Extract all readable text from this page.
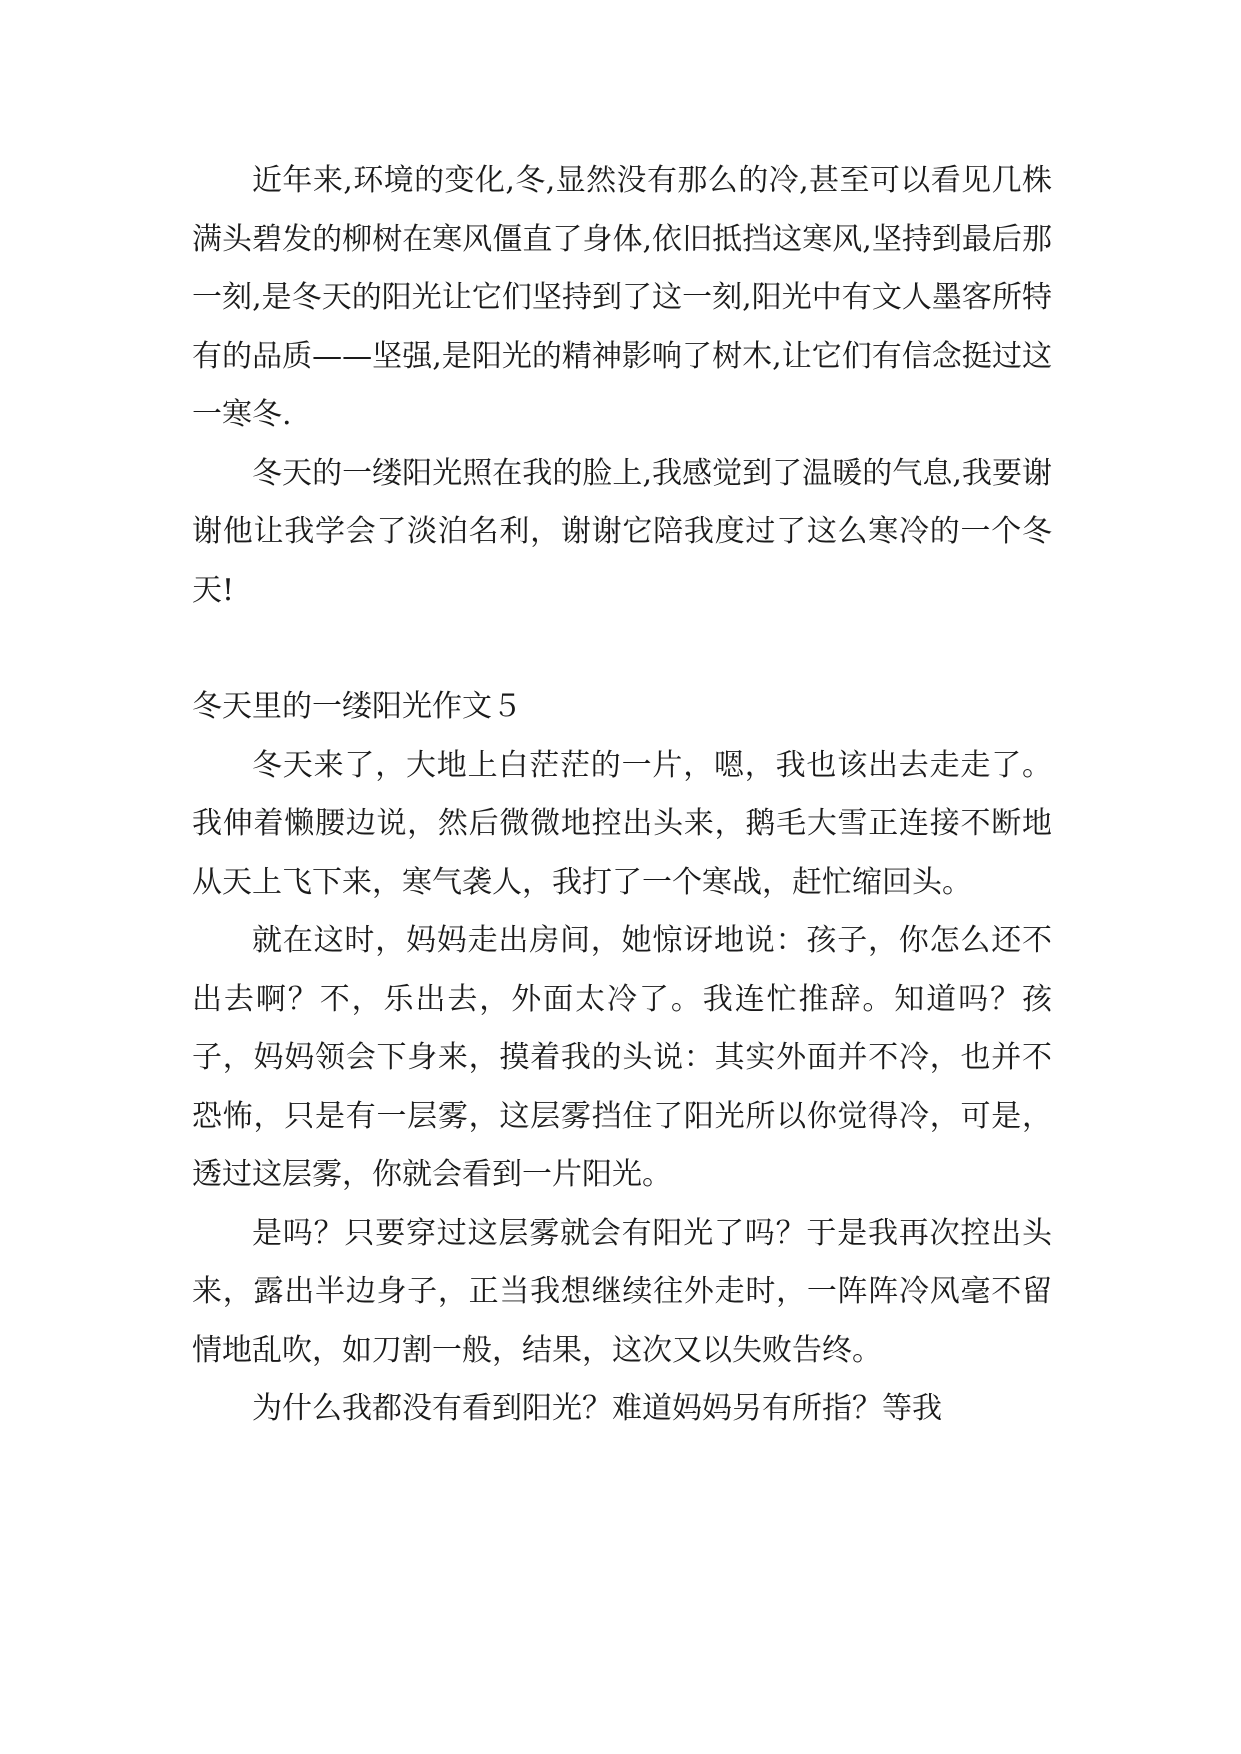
近年来,环境的变化,冬,显然没有那么的冷,甚至可以看见几株满头碧发的柳树在寒风僵直了身体,依旧抵挡这寒风,坚持到最后那一刻,是冬天的阳光让它们坚持到了这一刻,阳光中有文人墨客所特有的品质——坚强,是阳光的精神影响了树木,让它们有信念挺过这一寒冬.

冬天的一缕阳光照在我的脸上,我感觉到了温暖的气息,我要谢谢他让我学会了淡泊名利，谢谢它陪我度过了这么寒冷的一个冬天!

冬天里的一缕阳光作文５

冬天来了，大地上白茫茫的一片，嗯，我也该出去走走了。我伸着懒腰边说，然后微微地控出头来，鹅毛大雪正连接不断地从天上飞下来，寒气袭人，我打了一个寒战，赶忙缩回头。

就在这时，妈妈走出房间，她惊讶地说：孩子，你怎么还不出去啊？不，乐出去，外面太冷了。我连忙推辞。知道吗？孩子，妈妈领会下身来，摸着我的头说：其实外面并不冷，也并不恐怖，只是有一层雾，这层雾挡住了阳光所以你觉得冷，可是，透过这层雾，你就会看到一片阳光。

是吗？只要穿过这层雾就会有阳光了吗？于是我再次控出头来，露出半边身子，正当我想继续往外走时，一阵阵冷风毫不留情地乱吹，如刀割一般，结果，这次又以失败告终。

为什么我都没有看到阳光？难道妈妈另有所指？等我
